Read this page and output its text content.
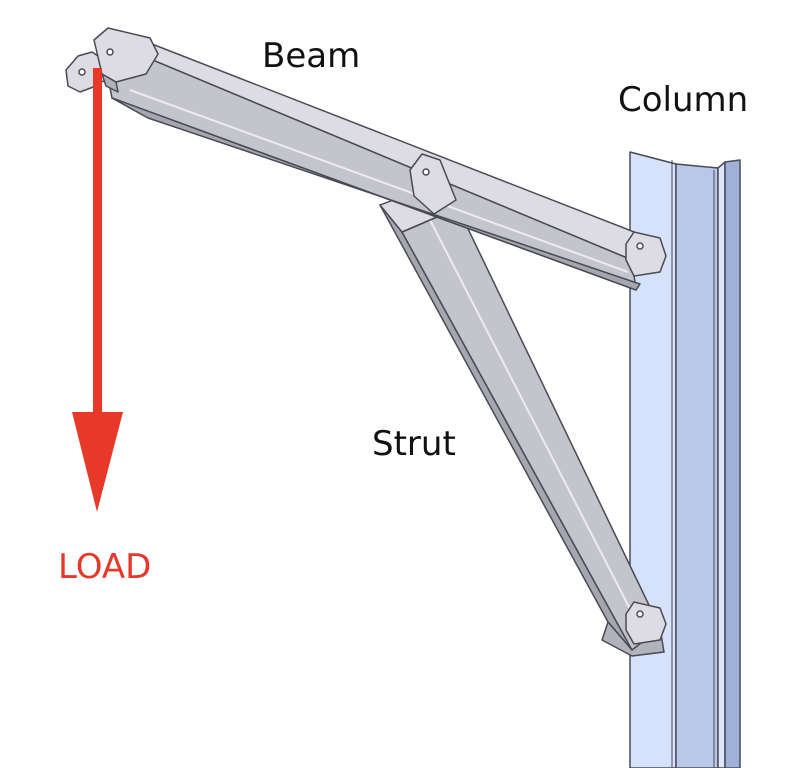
Beam
Column
Strut
LOAD
